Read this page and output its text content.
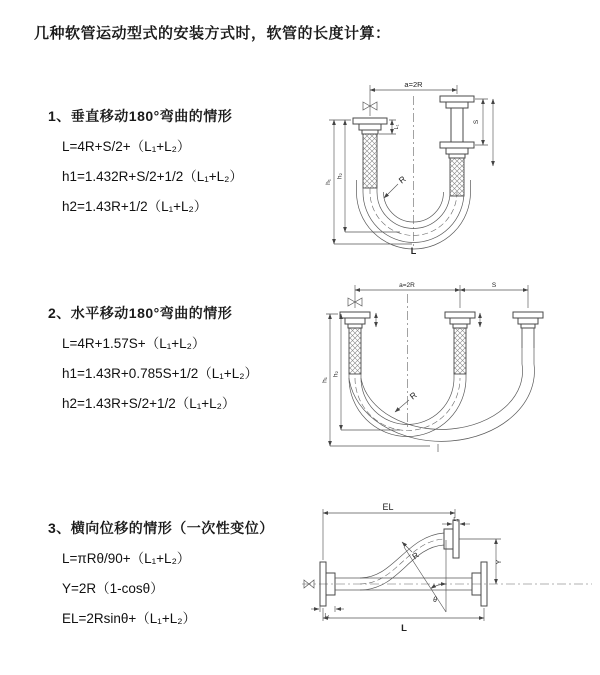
几种软管运动型式的安装方式时，软管的长度计算：
1、垂直移动180°弯曲的情形
L=4R+S/2+（L₁+L₂）
h1=1.432R+S/2+1/2（L₁+L₂）
h2=1.43R+1/2（L₁+L₂）
a=2R
S
L₁
R
h₁
h₂
L
2、水平移动180°弯曲的情形
L=4R+1.57S+（L₁+L₂）
h1=1.43R+0.785S+1/2（L₁+L₂）
h2=1.43R+S/2+1/2（L₁+L₂）
a=2R	S
R
h₁
h₂
3、横向位移的情形（一次性变位）
L=πRθ/90+（L₁+L₂）
Y=2R（1-cosθ）
EL=2Rsinθ+（L₁+L₂）
EL
L₂
Y
θ
R
L₁
L
